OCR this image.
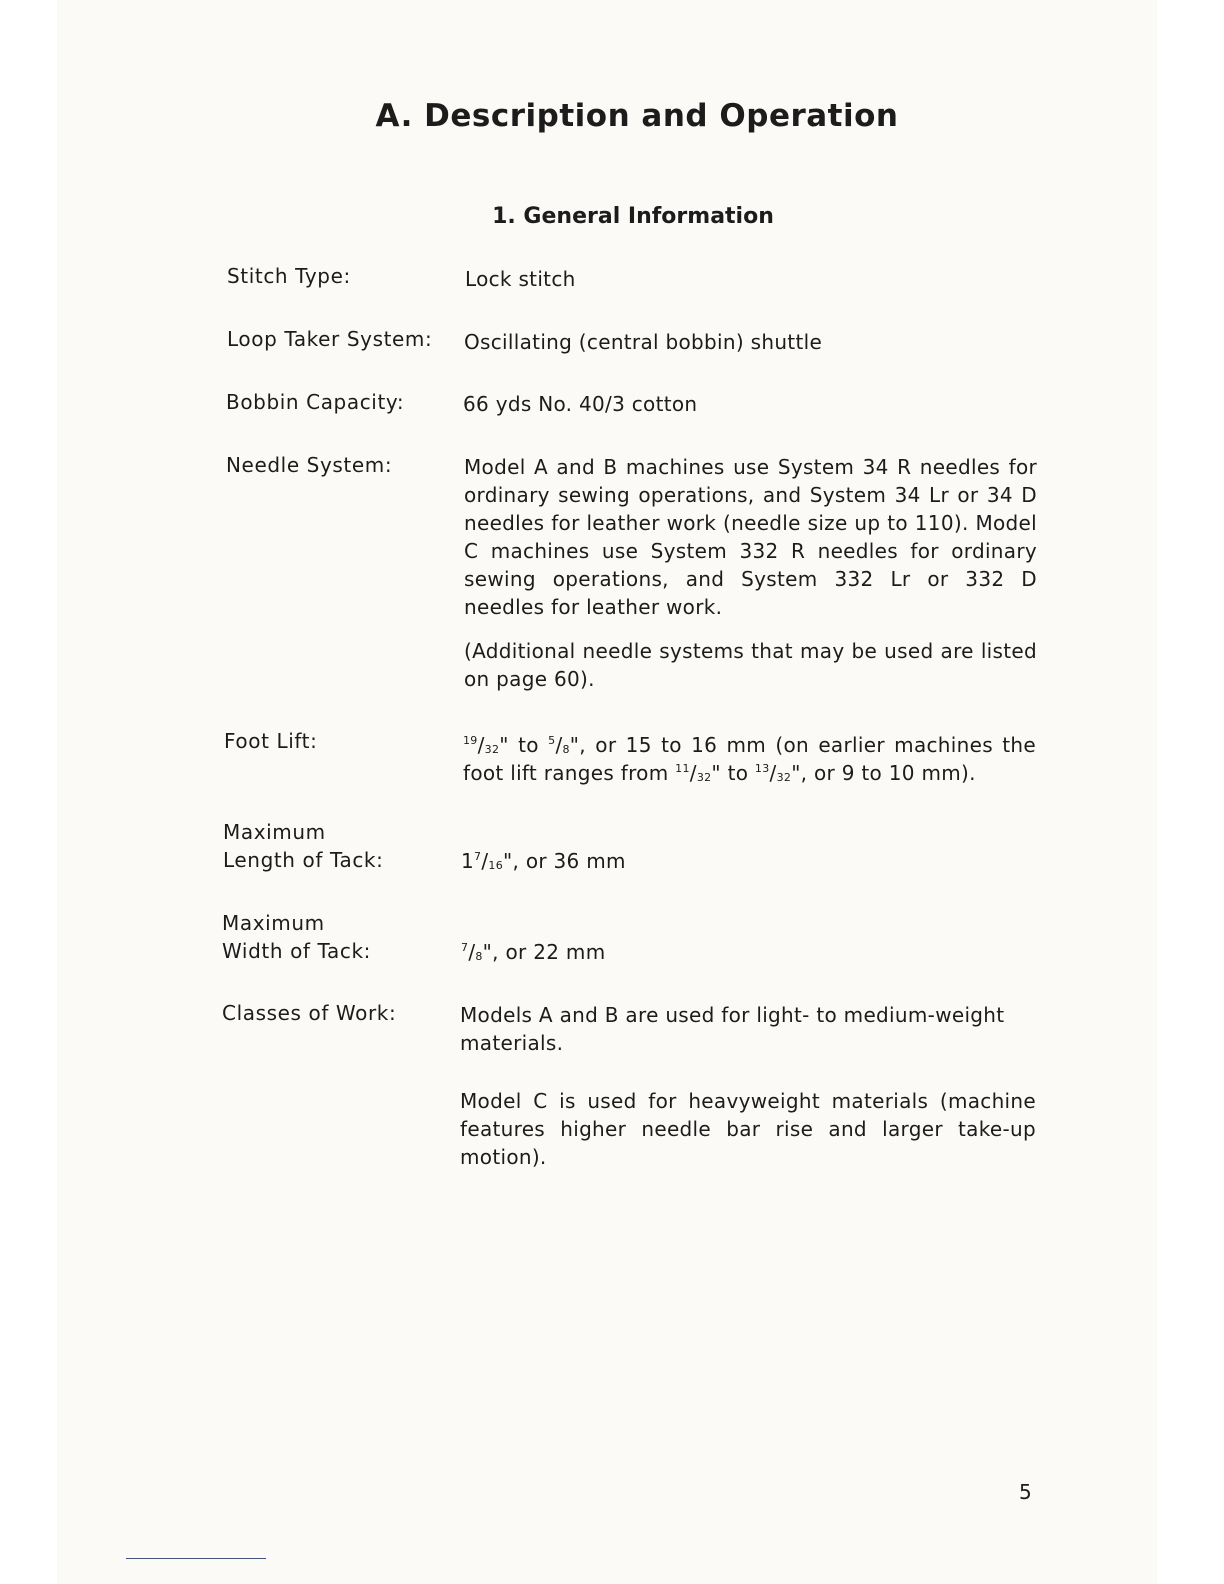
A. Description and Operation
1. General Information
Stitch Type:	Lock stitch
Loop Taker System: Oscillating (central bobbin) shuttle
Bobbin Capacity:	66 yds No. 40/3 cotton
Needle System:	Model A and B machines use System 34 R needles for ordinary sewing operations, and System 34 Lr or 34 D needles for leather work (needle size up to 110). Model C machines use System 332 R needles for ordinary sewing operations, and System 332 Lr or 332 D needles for leather work.

(Additional needle systems that may be used are listed on page 60).

Foot Lift:	$^{19}/_{32}$" to $^5/_8$", or 15 to 16 mm (on earlier machines the foot lift ranges from $^{11}/_{32}$" to $^{13}/_{32}$", or 9 to 10 mm).
Maximum
Length of Tack:	$1^7/_{16}$", or 36 mm
Maximum
Width of Tack:	$^7/_8$", or 22 mm
Classes of Work:	Models A and B are used for light- to medium-weight materials.

Model C is used for heavyweight materials (machine features higher needle bar rise and larger take-up motion).

5
